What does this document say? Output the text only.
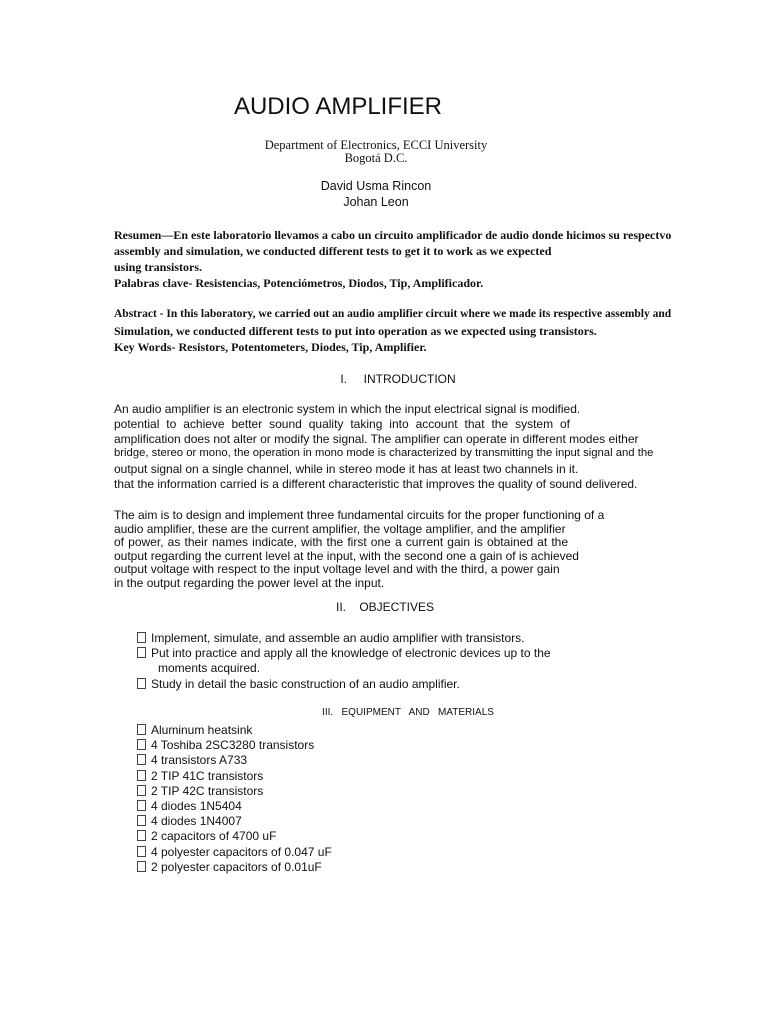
AUDIO AMPLIFIER
Department of Electronics, ECCI University
Bogotá D.C.
David Usma Rincon
Johan Leon
Resumen—En este laboratorio llevamos a cabo un circuito amplificador de audio donde hicimos su respectvo
assembly and simulation, we conducted different tests to get it to work as we expected
using transistors.
Palabras clave- Resistencias, Potenciómetros, Diodos, Tip, Amplificador.
Abstract - In this laboratory, we carried out an audio amplifier circuit where we made its respective assembly and
Simulation, we conducted different tests to put into operation as we expected using transistors.
Key Words- Resistors, Potentometers, Diodes, Tip, Amplifier.
I.     INTRODUCTION
An audio amplifier is an electronic system in which the input electrical signal is modified.
potential to achieve better sound quality taking into account that the system of
amplification does not alter or modify the signal. The amplifier can operate in different modes either
bridge, stereo or mono, the operation in mono mode is characterized by transmitting the input signal and the
output signal on a single channel, while in stereo mode it has at least two channels in it.
that the information carried is a different characteristic that improves the quality of sound delivered.
The aim is to design and implement three fundamental circuits for the proper functioning of a
audio amplifier, these are the current amplifier, the voltage amplifier, and the amplifier
of power, as their names indicate, with the first one a current gain is obtained at the
output regarding the current level at the input, with the second one a gain of is achieved
output voltage with respect to the input voltage level and with the third, a power gain
in the output regarding the power level at the input.
II.    OBJECTIVES
Implement, simulate, and assemble an audio amplifier with transistors.
Put into practice and apply all the knowledge of electronic devices up to the
moments acquired.
Study in detail the basic construction of an audio amplifier.
III.   EQUIPMENT   AND   MATERIALS
Aluminum heatsink
4 Toshiba 2SC3280 transistors
4 transistors A733
2 TIP 41C transistors
2 TIP 42C transistors
4 diodes 1N5404
4 diodes 1N4007
2 capacitors of 4700 uF
4 polyester capacitors of 0.047 uF
2 polyester capacitors of 0.01uF
